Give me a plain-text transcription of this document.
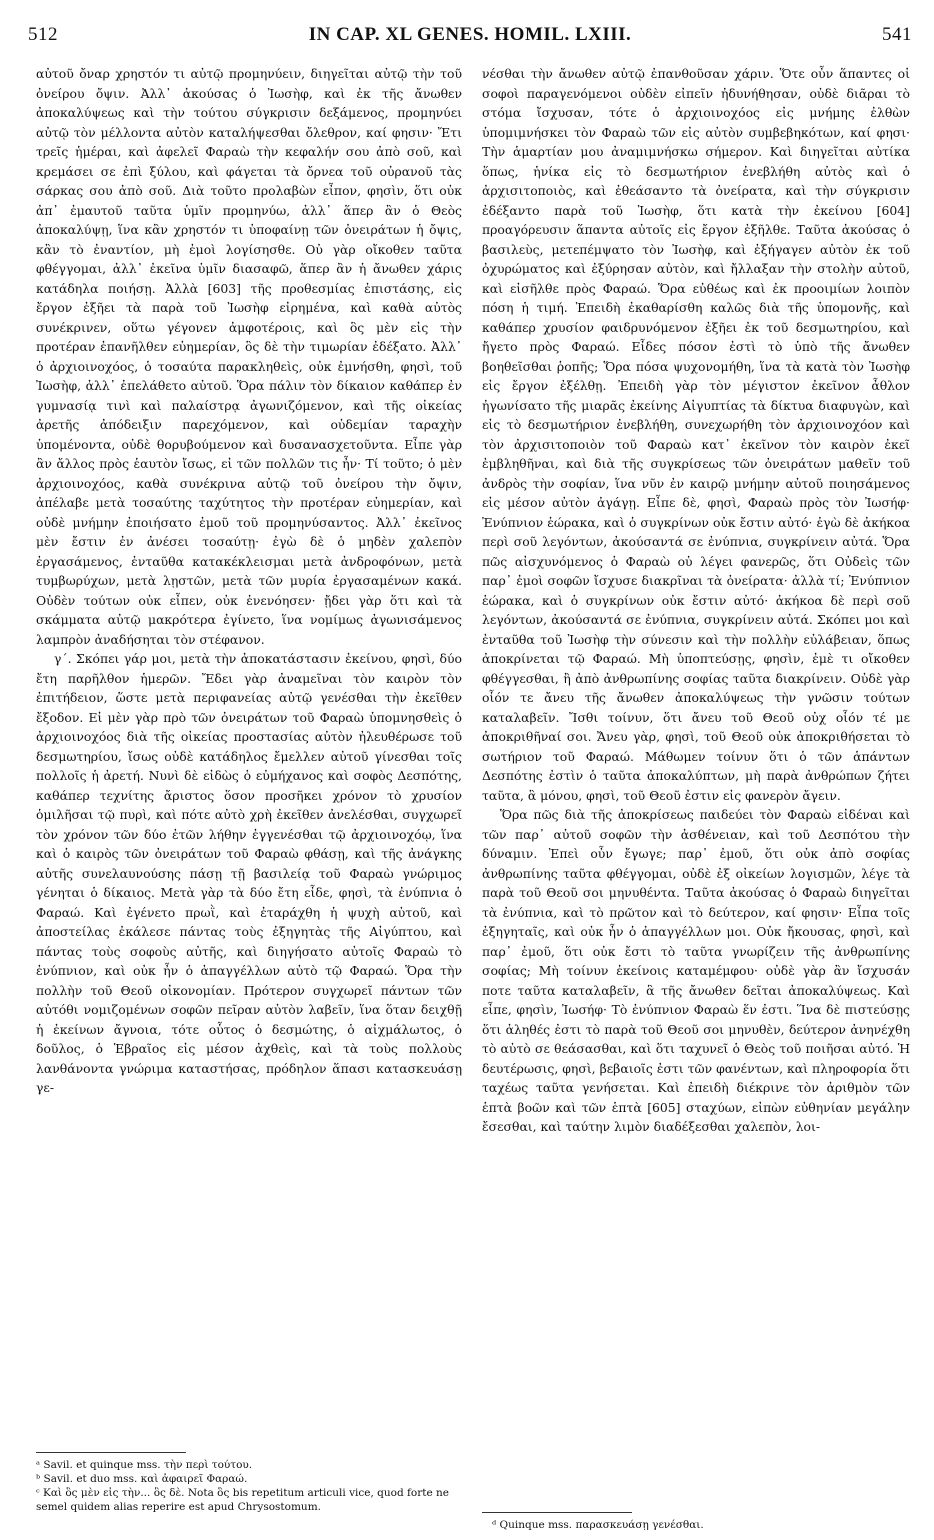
512	IN CAP. XL GENES. HOMIL. LXIII.	541

αὐτοῦ ὄναρ χρηστόν τι αὐτῷ προμηνύειν, διηγεῖται αὐτῷ τὴν τοῦ ὀνείρου ὄψιν. Ἀλλ᾽ ἀκούσας ὁ Ἰωσὴφ, καὶ ἐκ τῆς ἄνωθεν ἀποκαλύψεως καὶ τὴν τούτου σύγκρισιν δεξάμενος, προμηνύει αὐτῷ τὸν μέλλοντα αὐτὸν καταλήψεσθαι ὄλεθρον, καί φησιν· Ἔτι τρεῖς ἡμέραι, καὶ ἀφελεῖ Φαραὼ τὴν κεφαλήν σου ἀπὸ σοῦ, καὶ κρεμάσει σε ἐπὶ ξύλου, καὶ φάγεται τὰ ὄρνεα τοῦ οὐρανοῦ τὰς σάρκας σου ἀπὸ σοῦ. Διὰ τοῦτο προλαβὼν εἶπον, φησὶν, ὅτι οὐκ ἀπ᾽ ἐμαυτοῦ ταῦτα ὑμῖν προμηνύω, ἀλλ᾽ ἅπερ ἂν ὁ Θεὸς ἀποκαλύψῃ, ἵνα κἂν χρηστόν τι ὑποφαίνῃ τῶν ὀνειράτων ἡ ὄψις, κἂν τὸ ἐναντίον, μὴ ἐμοὶ λογίσησθε. Οὐ γὰρ οἴκοθεν ταῦτα φθέγγομαι, ἀλλ᾽ ἐκεῖνα ὑμῖν διασαφῶ, ἅπερ ἂν ἡ ἄνωθεν χάρις κατάδηλα ποιήσῃ. Ἀλλὰ [603] τῆς προθεσμίας ἐπιστάσης, εἰς ἔργον ἐξῆει τὰ παρὰ τοῦ Ἰωσὴφ εἰρημένα, καὶ καθὰ αὐτὸς συνέκρινεν, οὕτω γέγονεν ἀμφοτέροις, καὶ ὃς μὲν εἰς τὴν προτέραν ἐπανῆλθεν εὐημερίαν, ὃς δὲ τὴν τιμωρίαν ἐδέξατο. Ἀλλ᾽ ὁ ἀρχιοινοχόος, ὁ τοσαύτα παρακληθεὶς, οὐκ ἐμνήσθη, φησὶ, τοῦ Ἰωσὴφ, ἀλλ᾽ ἐπελάθετο αὐτοῦ. Ὅρα πάλιν τὸν δίκαιον καθάπερ ἐν γυμνασίᾳ τινὶ καὶ παλαίστρᾳ ἀγωνιζόμενον, καὶ τῆς οἰκείας ἀρετῆς ἀπόδειξιν παρεχόμενον, καὶ οὐδεμίαν ταραχὴν ὑπομένοντα, οὐδὲ θορυβούμενον καὶ δυσανασχετοῦντα. Εἶπε γὰρ ἂν ἄλλος πρὸς ἑαυτὸν ἴσως, εἰ τῶν πολλῶν τις ἦν· Τί τοῦτο; ὁ μὲν ἀρχιοινοχόος, καθὰ συνέκρινα αὐτῷ τοῦ ὀνείρου τὴν ὄψιν, ἀπέλαβε μετὰ τοσαύτης ταχύτητος τὴν προτέραν εὐημερίαν, καὶ οὐδὲ μνήμην ἐποιήσατο ἐμοῦ τοῦ προμηνύσαντος. Ἀλλ᾽ ἐκεῖνος μὲν ἔστιν ἐν ἀνέσει τοσαύτῃ· ἐγὼ δὲ ὁ μηδὲν χαλεπὸν ἐργασάμενος, ἐνταῦθα κατακέκλεισμαι μετὰ ἀνδροφόνων, μετὰ τυμβωρύχων, μετὰ λῃστῶν, μετὰ τῶν μυρία ἐργασαμένων κακά. Οὐδὲν τούτων οὐκ εἶπεν, οὐκ ἐνενόησεν· ᾔδει γὰρ ὅτι καὶ τὰ σκάμματα αὐτῷ μακρότερα ἐγίνετο, ἵνα νομίμως ἀγωνισάμενος λαμπρὸν ἀναδήσηται τὸν στέφανον.

γ´. Σκόπει γάρ μοι, μετὰ τὴν ἀποκατάστασιν ἐκείνου, φησὶ, δύο ἔτη παρῆλθον ἡμερῶν. Ἔδει γὰρ ἀναμεῖναι τὸν καιρὸν τὸν ἐπιτήδειον, ὥστε μετὰ περιφανείας αὐτῷ γενέσθαι τὴν ἐκεῖθεν ἔξοδον. Εἰ μὲν γὰρ πρὸ τῶν ὀνειράτων τοῦ Φαραὼ ὑπομνησθεὶς ὁ ἀρχιοινοχόος διὰ τῆς οἰκείας προστασίας αὐτὸν ἠλευθέρωσε τοῦ δεσμωτηρίου, ἴσως οὐδὲ κατάδηλος ἔμελλεν αὐτοῦ γίνεσθαι τοῖς πολλοῖς ἡ ἀρετή. Νυνὶ δὲ εἰδὼς ὁ εὐμήχανος καὶ σοφὸς Δεσπότης, καθάπερ τεχνίτης ἄριστος ὅσον προσῆκει χρόνον τὸ χρυσίον ὁμιλῆσαι τῷ πυρὶ, καὶ πότε αὐτὸ χρὴ ἐκεῖθεν ἀνελέσθαι, συγχωρεῖ τὸν χρόνον τῶν δύο ἐτῶν λήθην ἐγγενέσθαι τῷ ἀρχιοινοχόῳ, ἵνα καὶ ὁ καιρὸς τῶν ὀνειράτων τοῦ Φαραὼ φθάσῃ, καὶ τῆς ἀνάγκης αὐτῆς συνελαυνούσης πάσῃ τῇ βασιλείᾳ τοῦ Φαραὼ γνώριμος γένηται ὁ δίκαιος. Μετὰ γὰρ τὰ δύο ἔτη εἶδε, φησὶ, τὰ ἐνύπνια ὁ Φαραώ. Καὶ ἐγένετο πρωῒ, καὶ ἐταράχθη ἡ ψυχὴ αὐτοῦ, καὶ ἀποστείλας ἐκάλεσε πάντας τοὺς ἐξηγητὰς τῆς Αἰγύπτου, καὶ πάντας τοὺς σοφοὺς αὐτῆς, καὶ διηγήσατο αὐτοῖς Φαραὼ τὸ ἐνύπνιον, καὶ οὐκ ἦν ὁ ἀπαγγέλλων αὐτὸ τῷ Φαραώ. Ὅρα τὴν πολλὴν τοῦ Θεοῦ οἰκονομίαν. Πρότερον συγχωρεῖ πάντων τῶν αὐτόθι νομιζομένων σοφῶν πεῖραν αὐτὸν λαβεῖν, ἵνα ὅταν δειχθῇ ἡ ἐκείνων ἄγνοια, τότε οὗτος ὁ δεσμώτης, ὁ αἰχμάλωτος, ὁ δοῦλος, ὁ Ἑβραῖος εἰς μέσον ἀχθεὶς, καὶ τὰ τοὺς πολλοὺς λανθάνοντα γνώριμα καταστήσας, πρόδηλον ἅπασι κατασκευάσῃ γε-

νέσθαι τὴν ἄνωθεν αὐτῷ ἐπανθοῦσαν χάριν. Ὅτε οὖν ἅπαντες οἱ σοφοὶ παραγενόμενοι οὐδὲν εἰπεῖν ἠδυνήθησαν, οὐδὲ διᾶραι τὸ στόμα ἴσχυσαν, τότε ὁ ἀρχιοινοχόος εἰς μνήμης ἐλθὼν ὑπομιμνήσκει τὸν Φαραὼ τῶν εἰς αὐτὸν συμβεβηκότων, καί φησι· Τὴν ἁμαρτίαν μου ἀναμιμνήσκω σήμερον. Καὶ διηγεῖται αὐτίκα ὅπως, ἡνίκα εἰς τὸ δεσμωτήριον ἐνεβλήθη αὐτὸς καὶ ὁ ἀρχισιτοποιὸς, καὶ ἐθεάσαντο τὰ ὀνείρατα, καὶ τὴν σύγκρισιν ἐδέξαντο παρὰ τοῦ Ἰωσὴφ, ὅτι κατὰ τὴν ἐκείνου [604] προαγόρευσιν ἅπαντα αὐτοῖς εἰς ἔργον ἐξῆλθε. Ταῦτα ἀκούσας ὁ βασιλεὺς, μετεπέμψατο τὸν Ἰωσὴφ, καὶ ἐξήγαγεν αὐτὸν ἐκ τοῦ ὀχυρώματος καὶ ἐξύρησαν αὐτὸν, καὶ ἤλλαξαν τὴν στολὴν αὐτοῦ, καὶ εἰσῆλθε πρὸς Φαραώ. Ὅρα εὐθέως καὶ ἐκ προοιμίων λοιπὸν πόση ἡ τιμή. Ἐπειδὴ ἐκαθαρίσθη καλῶς διὰ τῆς ὑπομονῆς, καὶ καθάπερ χρυσίον φαιδρυνόμενον ἐξῆει ἐκ τοῦ δεσμωτηρίου, καὶ ἤγετο πρὸς Φαραώ. Εἶδες πόσον ἐστὶ τὸ ὑπὸ τῆς ἄνωθεν βοηθεῖσθαι ῥοπῆς; Ὅρα πόσα ψυχονομήθη, ἵνα τὰ κατὰ τὸν Ἰωσὴφ εἰς ἔργον ἐξέλθῃ. Ἐπειδὴ γὰρ τὸν μέγιστον ἐκεῖνον ἆθλον ἠγωνίσατο τῆς μιαρᾶς ἐκείνης Αἰγυπτίας τὰ δίκτυα διαφυγὼν, καὶ εἰς τὸ δεσμωτήριον ἐνεβλήθη, συνεχωρήθη τὸν ἀρχιοινοχόον καὶ τὸν ἀρχισιτοποιὸν τοῦ Φαραὼ κατ᾽ ἐκεῖνον τὸν καιρὸν ἐκεῖ ἐμβληθῆναι, καὶ διὰ τῆς συγκρίσεως τῶν ὀνειράτων μαθεῖν τοῦ ἀνδρὸς τὴν σοφίαν, ἵνα νῦν ἐν καιρῷ μνήμην αὐτοῦ ποιησάμενος εἰς μέσον αὐτὸν ἀγάγῃ. Εἶπε δὲ, φησὶ, Φαραὼ πρὸς τὸν Ἰωσήφ· Ἐνύπνιον ἑώρακα, καὶ ὁ συγκρίνων οὐκ ἔστιν αὐτό· ἐγὼ δὲ ἀκήκοα περὶ σοῦ λεγόντων, ἀκούσαντά σε ἐνύπνια, συγκρίνειν αὐτά. Ὅρα πῶς αἰσχυνόμενος ὁ Φαραὼ οὐ λέγει φανερῶς, ὅτι Οὐδεὶς τῶν παρ᾽ ἐμοὶ σοφῶν ἴσχυσε διακρῖναι τὰ ὀνείρατα· ἀλλὰ τί; Ἐνύπνιον ἑώρακα, καὶ ὁ συγκρίνων οὐκ ἔστιν αὐτό· ἀκήκοα δὲ περὶ σοῦ λεγόντων, ἀκούσαντά σε ἐνύπνια, συγκρίνειν αὐτά. Σκόπει μοι καὶ ἐνταῦθα τοῦ Ἰωσὴφ τὴν σύνεσιν καὶ τὴν πολλὴν εὐλάβειαν, ὅπως ἀποκρίνεται τῷ Φαραώ. Μὴ ὑποπτεύσῃς, φησὶν, ἐμὲ τι οἴκοθεν φθέγγεσθαι, ἢ ἀπὸ ἀνθρωπίνης σοφίας ταῦτα διακρίνειν. Οὐδὲ γὰρ οἷόν τε ἄνευ τῆς ἄνωθεν ἀποκαλύψεως τὴν γνῶσιν τούτων καταλαβεῖν. Ἴσθι τοίνυν, ὅτι ἄνευ τοῦ Θεοῦ οὐχ οἷόν τέ με ἀποκριθῆναί σοι. Ἄνευ γὰρ, φησὶ, τοῦ Θεοῦ οὐκ ἀποκριθήσεται τὸ σωτήριον τοῦ Φαραώ. Μάθωμεν τοίνυν ὅτι ὁ τῶν ἁπάντων Δεσπότης ἐστὶν ὁ ταῦτα ἀποκαλύπτων, μὴ παρὰ ἀνθρώπων ζήτει ταῦτα, ἃ μόνου, φησὶ, τοῦ Θεοῦ ἐστιν εἰς φανερὸν ἄγειν.

Ὅρα πῶς διὰ τῆς ἀποκρίσεως παιδεύει τὸν Φαραὼ εἰδέναι καὶ τῶν παρ᾽ αὐτοῦ σοφῶν τὴν ἀσθένειαν, καὶ τοῦ Δεσπότου τὴν δύναμιν. Ἐπεὶ οὖν ἔγωγε; παρ᾽ ἐμοῦ, ὅτι οὐκ ἀπὸ σοφίας ἀνθρωπίνης ταῦτα φθέγγομαι, οὐδὲ ἐξ οἰκείων λογισμῶν, λέγε τὰ παρὰ τοῦ Θεοῦ σοι μηνυθέντα. Ταῦτα ἀκούσας ὁ Φαραὼ διηγεῖται τὰ ἐνύπνια, καὶ τὸ πρῶτον καὶ τὸ δεύτερον, καί φησιν· Εἶπα τοῖς ἐξηγηταῖς, καὶ οὐκ ἦν ὁ ἀπαγγέλλων μοι. Οὐκ ἤκουσας, φησὶ, καὶ παρ᾽ ἐμοῦ, ὅτι οὐκ ἔστι τὸ ταῦτα γνωρίζειν τῆς ἀνθρωπίνης σοφίας; Μὴ τοίνυν ἐκείνοις καταμέμφου· οὐδὲ γὰρ ἂν ἴσχυσάν ποτε ταῦτα καταλαβεῖν, ἃ τῆς ἄνωθεν δεῖται ἀποκαλύψεως. Καὶ εἶπε, φησὶν, Ἰωσήφ· Τὸ ἐνύπνιον Φαραὼ ἕν ἐστι. Ἵνα δὲ πιστεύσῃς ὅτι ἀληθές ἐστι τὸ παρὰ τοῦ Θεοῦ σοι μηνυθὲν, δεύτερον ἀνηνέχθη τὸ αὐτὸ σε θεάσασθαι, καὶ ὅτι ταχυνεῖ ὁ Θεὸς τοῦ ποιῆσαι αὐτό. Ἡ δευτέρωσις, φησὶ, βεβαιοῖς ἐστι τῶν φανέντων, καὶ πληροφορία ὅτι ταχέως ταῦτα γενήσεται. Καὶ ἐπειδὴ διέκρινε τὸν ἀριθμὸν τῶν ἑπτὰ βοῶν καὶ τῶν ἑπτὰ [605] σταχύων, εἰπὼν εὐθηνίαν μεγάλην ἔσεσθαι, καὶ ταύτην λιμὸν διαδέξεσθαι χαλεπὸν, λοι-

ᵃ Savil. et quinque mss. τὴν περὶ τούτου.

ᵇ Savil. et duo mss. καὶ ἀφαιρεῖ Φαραώ.

ᶜ Καὶ ὃς μὲν εἰς τὴν... ὃς δὲ. Nota ὃς bis repetitum articuli vice, quod forte ne semel quidem alias reperire est apud Chrysostomum.

ᵈ Quinque mss. παρασκευάσῃ γενέσθαι.
